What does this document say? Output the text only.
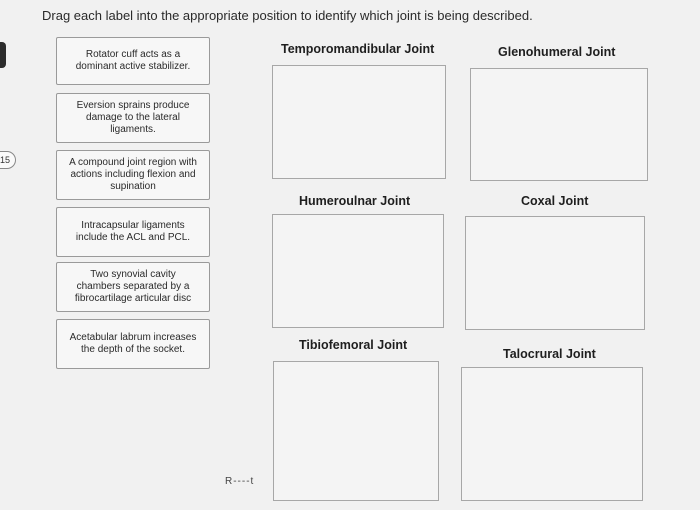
Drag each label into the appropriate position to identify which joint is being described.

15
Rotator cuff acts as a dominant active stabilizer.
Eversion sprains produce damage to the lateral ligaments.
A compound joint region with actions including flexion and supination
Intracapsular ligaments include the ACL and PCL.
Two synovial cavity chambers separated by a fibrocartilage articular disc
Acetabular labrum increases the depth of the socket.
Temporomandibular Joint	Glenohumeral Joint
Humeroulnar Joint	Coxal Joint
Tibiofemoral Joint
Talocrural Joint
R----t
